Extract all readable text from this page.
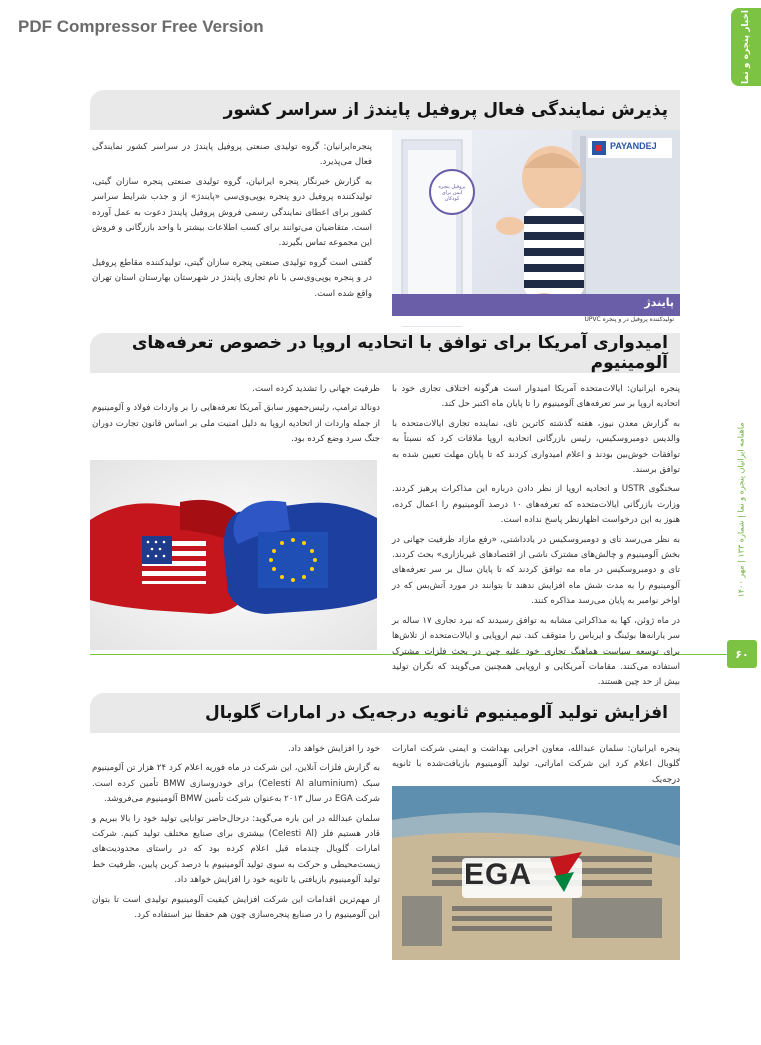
PDF Compressor Free Version	اخبار پنجره و نما
ماهنامه ایرانیان پنجره و نما | شماره ۱۳۳ | مهر ۱۴۰۰
۶۰
پذیرش نمایندگی فعال پروفیل پایندژ از سراسر کشور

پنجره‌ایرانیان: گروه تولیدی صنعتی پروفیل پایندژ در سراسر کشور نمایندگی فعال می‌پذیرد.

به گزارش خبرنگار پنجره ایرانیان، گروه تولیدی صنعتی پنجره سازان گیتی، تولیدکننده پروفیل درو پنجره یوپی‌وی‌سی «پایندژ» از و جذب شرایط سراسر کشور برای اعطای نمایندگی رسمی فروش پروفیل پایندژ دعوت به عمل آورده است. متقاضیان می‌توانند برای کسب اطلاعات بیشتر با واحد بازرگانی و فروش این مجموعه تماس بگیرند.

گفتنی است گروه تولیدی صنعتی پنجره سازان گیتی، تولیدکننده مقاطع پروفیل در و پنجره یوپی‌وی‌سی با نام تجاری پایندژ در شهرستان بهارستان استان تهران واقع شده است.

PAYANDEJ
پروفیل پنجره ایمن برای کودکان
پایندژ
تولیدکننده پروفیل در و پنجره UPVC
امیدواری آمریکا برای توافق با اتحادیه اروپا در خصوص تعرفه‌های آلومینیوم

پنجره ایرانیان: ایالات‌متحده آمریکا امیدوار است هرگونه اختلاف تجاری خود با اتحادیه اروپا بر سر تعرفه‌های آلومینیوم را تا پایان ماه اکتبر حل کند.

به گزارش معدن نیوز، هفته گذشته کاترین تای، نماینده تجاری ایالات‌متحده با والدیس دومبروسکیس، رئیس بازرگانی اتحادیه اروپا ملاقات کرد که نسبتاً به توافقات خوش‌بین بودند و اعلام امیدواری کردند که تا پایان مهلت تعیین شده به توافق برسند.

سخنگوی USTR و اتحادیه اروپا از نظر دادن درباره این مذاکرات پرهیز کردند. وزارت بازرگانی ایالات‌متحده که تعرفه‌های ۱۰ درصد آلومینیوم را اعمال کرده، هنوز به این درخواست اظهارنظر پاسخ نداده است.

به نظر می‌رسد تای و دومبروسکیس در یادداشتی، «رفع مازاد ظرفیت جهانی در بخش آلومینیوم و چالش‌های مشترک ناشی از اقتصادهای غیربازاری» بحث کردند. تای و دومبروسکیس در ماه مه توافق کردند که تا پایان سال بر سر تعرفه‌های آلومینیوم را به مدت شش ماه افزایش ندهند تا بتوانند در مورد آتش‌بس که در اواخر نوامبر به پایان می‌رسد مذاکره کنند.

در ماه ژوئن، کها به مذاکراتی مشابه به توافق رسیدند که نبرد تجاری ۱۷ ساله بر سر یارانه‌ها بوئینگ و ایرباس را متوقف کند. تیم اروپایی و ایالات‌متحده از تلاش‌ها برای توسعه سیاست هماهنگ تجاری خود علیه چین در بحث فلزات مشترک استفاده می‌کنند. مقامات آمریکایی و اروپایی همچنین می‌گویند که نگران تولید بیش از حد چین هستند.

ظرفیت جهانی را تشدید کرده است.

دونالد ترامپ، رئیس‌جمهور سابق آمریکا تعرفه‌هایی را بر واردات فولاد و آلومینیوم از جمله واردات از اتحادیه اروپا به دلیل امنیت ملی بر اساس قانون تجارت دوران جنگ سرد وضع کرده بود.

افزایش تولید آلومینیوم ثانویه درجه‌یک در امارات گلوبال

پنجره ایرانیان: سلمان عبدالله، معاون اجرایی بهداشت و ایمنی شرکت امارات گلوبال اعلام کرد این شرکت اماراتی، تولید آلومینیوم بازیافت‌شده با ثانویه درجه‌یک

خود را افزایش خواهد داد.

به گزارش فلزات آنلاین، این شرکت در ماه فوریه اعلام کرد ۲۴ هزار تن آلومینیوم سبک (Celesti Al aluminium) برای خودروسازی BMW تأمین کرده است. شرکت EGA در سال ۲۰۱۳ به‌عنوان شرکت تأمین BMW آلومینیوم می‌فروشد.

سلمان عبدالله در این باره می‌گوید: درحال‌حاضر توانایی تولید خود را بالا ببریم و قادر هستیم فلز (Celesti Al) بیشتری برای صنایع مختلف تولید کنیم. شرکت امارات گلوبال چندماه قبل اعلام کرده بود که در راستای محدودیت‌های زیست‌محیطی و حرکت به سوی تولید آلومینیوم با درصد کربن پایین، ظرفیت خط تولید آلومینیوم بازیافتی یا ثانویه خود را افزایش خواهد داد.

از مهم‌ترین اقدامات این شرکت افزایش کیفیت آلومینیوم تولیدی است تا بتوان این آلومینیوم را در صنایع پنجره‌سازی چون هم حفظا نیز استفاده کرد.

EGA
